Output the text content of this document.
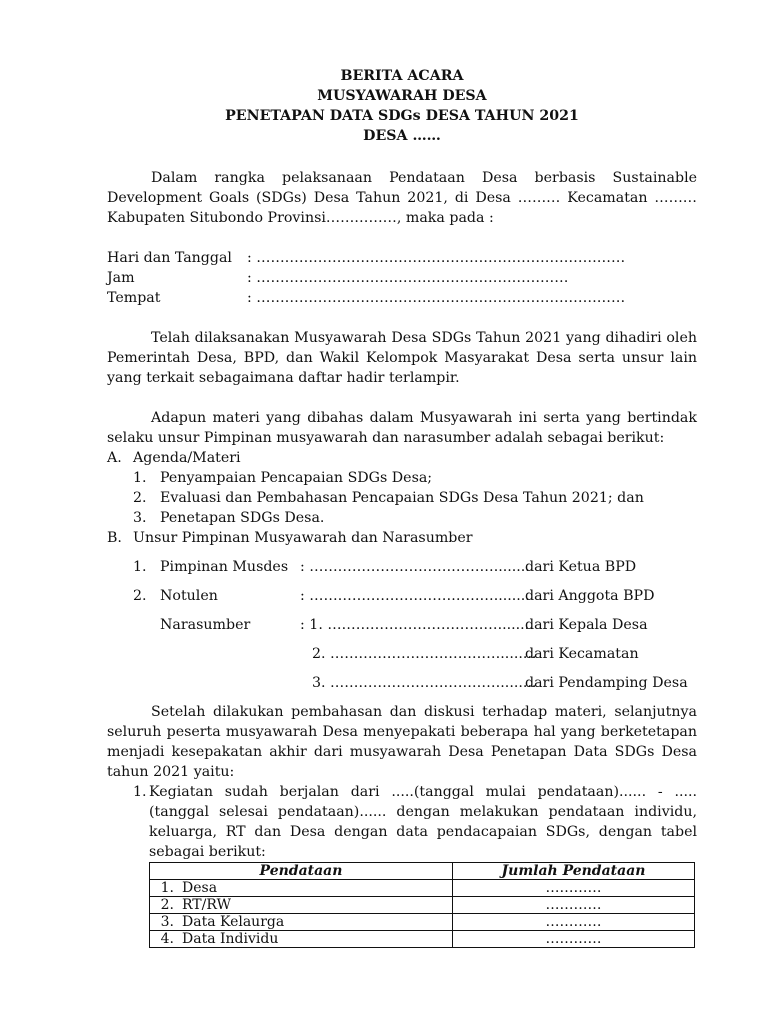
BERITA ACARA
MUSYAWARAH DESA
PENETAPAN DATA SDGs DESA TAHUN 2021
DESA ……
Dalam rangka pelaksanaan Pendataan Desa berbasis Sustainable Development Goals (SDGs) Desa Tahun 2021, di Desa ……… Kecamatan ……… Kabupaten Situbondo Provinsi……………, maka pada :
Hari dan Tanggal : ……………………………………………………………………
Jam	: …………………………………………………………
Tempat	: ……………………………………………………………………
Telah dilaksanakan Musyawarah Desa SDGs Tahun 2021 yang dihadiri oleh Pemerintah Desa, BPD, dan Wakil Kelompok Masyarakat Desa serta unsur lain yang terkait sebagaimana daftar hadir terlampir.
Adapun materi yang dibahas dalam Musyawarah ini serta yang bertindak selaku unsur Pimpinan musyawarah dan narasumber adalah sebagai berikut:
A. Agenda/Materi
1. Penyampaian Pencapaian SDGs Desa;
2. Evaluasi dan Pembahasan Pencapaian SDGs Desa Tahun 2021; dan
3. Penetapan SDGs Desa.
B. Unsur Pimpinan Musyawarah dan Narasumber
1. Pimpinan Musdes : …………………………………........
dari Ketua BPD
2. Notulen	: …………………………………........
dari Anggota BPD
Narasumber	: 1. ………………………………........
dari Kepala Desa
2. ………………………………........
dari Kecamatan
3. ………………………………........
dari Pendamping Desa
Setelah dilakukan pembahasan dan diskusi terhadap materi, selanjutnya seluruh peserta musyawarah Desa menyepakati beberapa hal yang berketetapan menjadi kesepakatan akhir dari musyawarah Desa Penetapan Data SDGs Desa tahun 2021 yaitu:
1. Kegiatan sudah berjalan dari .....(tanggal mulai pendataan)...... - ..... (tanggal selesai pendataan)...... dengan melakukan pendataan individu, keluarga, RT dan Desa dengan data pendacapaian SDGs, dengan tabel sebagai berikut:
Pendataan	Jumlah Pendataan
1. Desa	…………
2. RT/RW	…………
3. Data Kelaurga	…………
4. Data Individu	…………
